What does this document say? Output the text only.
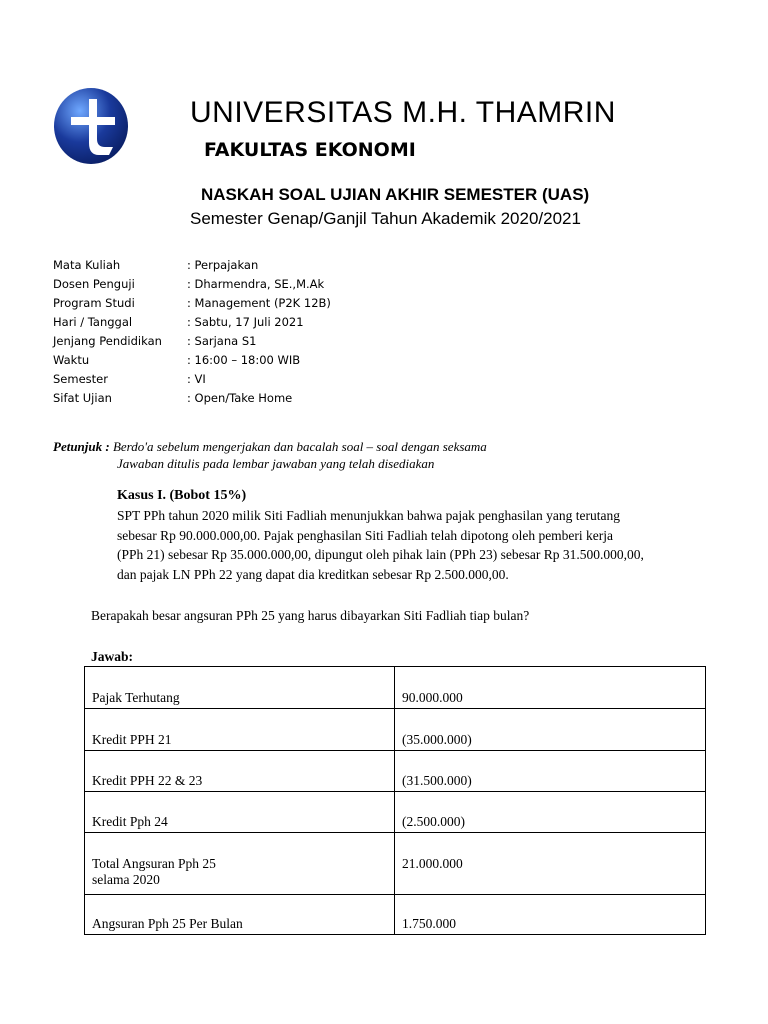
UNIVERSITAS M.H. THAMRIN
FAKULTAS EKONOMI
NASKAH SOAL UJIAN AKHIR SEMESTER (UAS)
Semester Genap/Ganjil Tahun Akademik 2020/2021
Mata Kuliah	: Perpajakan
Dosen Penguji	: Dharmendra, SE.,M.Ak
Program Studi	: Management (P2K 12B)
Hari / Tanggal	: Sabtu, 17 Juli 2021
Jenjang Pendidikan	: Sarjana S1
Waktu	: 16:00 – 18:00 WIB
Semester	: VI
Sifat Ujian	: Open/Take Home
Petunjuk : Berdo'a sebelum mengerjakan dan bacalah soal – soal dengan seksama
Jawaban ditulis pada lembar jawaban yang telah disediakan
Kasus I. (Bobot 15%)
SPT PPh tahun 2020 milik Siti Fadliah menunjukkan bahwa pajak penghasilan yang terutang
sebesar Rp 90.000.000,00. Pajak penghasilan Siti Fadliah telah dipotong oleh pemberi kerja
(PPh 21) sebesar Rp 35.000.000,00, dipungut oleh pihak lain (PPh 23) sebesar Rp 31.500.000,00,
dan pajak LN PPh 22 yang dapat dia kreditkan sebesar Rp 2.500.000,00.
Berapakah besar angsuran PPh 25 yang harus dibayarkan Siti Fadliah tiap bulan?
Jawab:
Pajak Terhutang	90.000.000

Kredit PPH 21	(35.000.000)

Kredit PPH 22 & 23	(31.500.000)

Kredit Pph 24	(2.500.000)

Total Angsuran Pph 25
selama 2020	21.000.000

Angsuran Pph 25 Per Bulan	1.750.000
